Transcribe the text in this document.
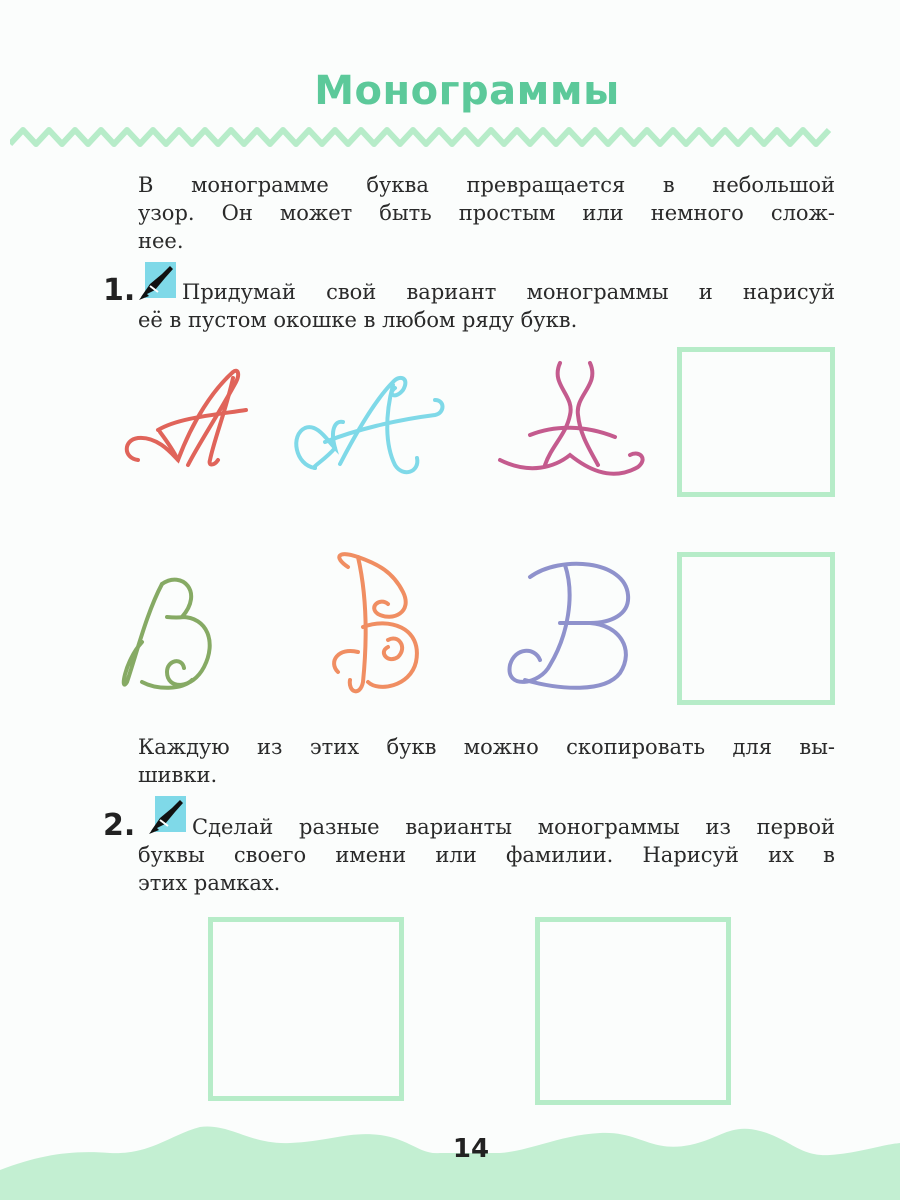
Монограммы
В монограмме буква превращается в небольшой
узор. Он может быть простым или немного слож-
нее.
1. Придумай свой вариант монограммы и нарисуй
её в пустом окошке в любом ряду букв.
Каждую из этих букв можно скопировать для вы-
шивки.
2.	Сделай разные варианты монограммы из первой
буквы своего имени или фамилии. Нарисуй их в
этих рамках.
14
